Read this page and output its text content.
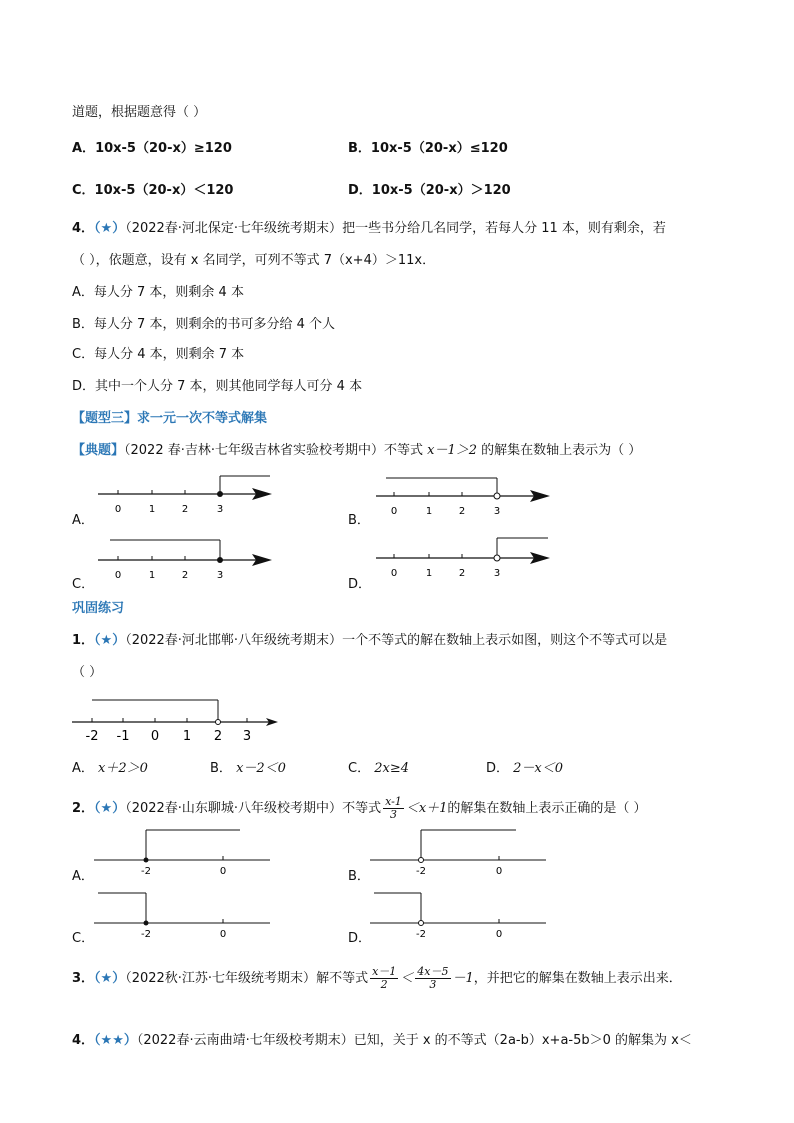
道题，根据题意得（ ）
A．10x-5（20-x）≥120	B．10x-5（20-x）≤120
C．10x-5（20-x）＜120	D．10x-5（20-x）＞120
4．（★）（2022春·河北保定·七年级统考期末）把一些书分给几名同学，若每人分 11 本，则有剩余，若
（ ），依题意，设有 x 名同学，可列不等式 7（x+4）＞11x．
A．每人分 7 本，则剩余 4 本
B．每人分 7 本，则剩余的书可多分给 4 个人
C．每人分 4 本，则剩余 7 本
D．其中一个人分 7 本，则其他同学每人可分 4 本
【题型三】求一元一次不等式解集
【典题】（2022 春·吉林·七年级吉林省实验校考期中）不等式 x－1＞2 的解集在数轴上表示为（ ）
A．	B．
C．	D．
0	1	2	3	0	1	2	3
0	1	2	3	0	1	2	3
巩固练习
1．（★）（2022春·河北邯郸·八年级统考期末）一个不等式的解在数轴上表示如图，则这个不等式可以是
（ ）
-2 -1 0 1 2 3
A． x＋2＞0	B． x－2＜0	C． 2x≥4	D． 2－x＜0
2．（★）（2022春·山东聊城·八年级校考期中）不等式 $\frac{x-1}{3} <x+1$的解集在数轴上表示正确的是（ ）
A．	B．
C．	D．
-2	0	-2	0
-2	0	-2	0
3．（★）（2022秋·江苏·七年级统考期末）解不等式 $\frac{x-1}{2} < \frac{4x-5}{3} -1$，并把它的解集在数轴上表示出来．
4．（★★）（2022春·云南曲靖·七年级校考期末）已知，关于 x 的不等式（2a-b）x+a-5b＞0 的解集为 x＜
